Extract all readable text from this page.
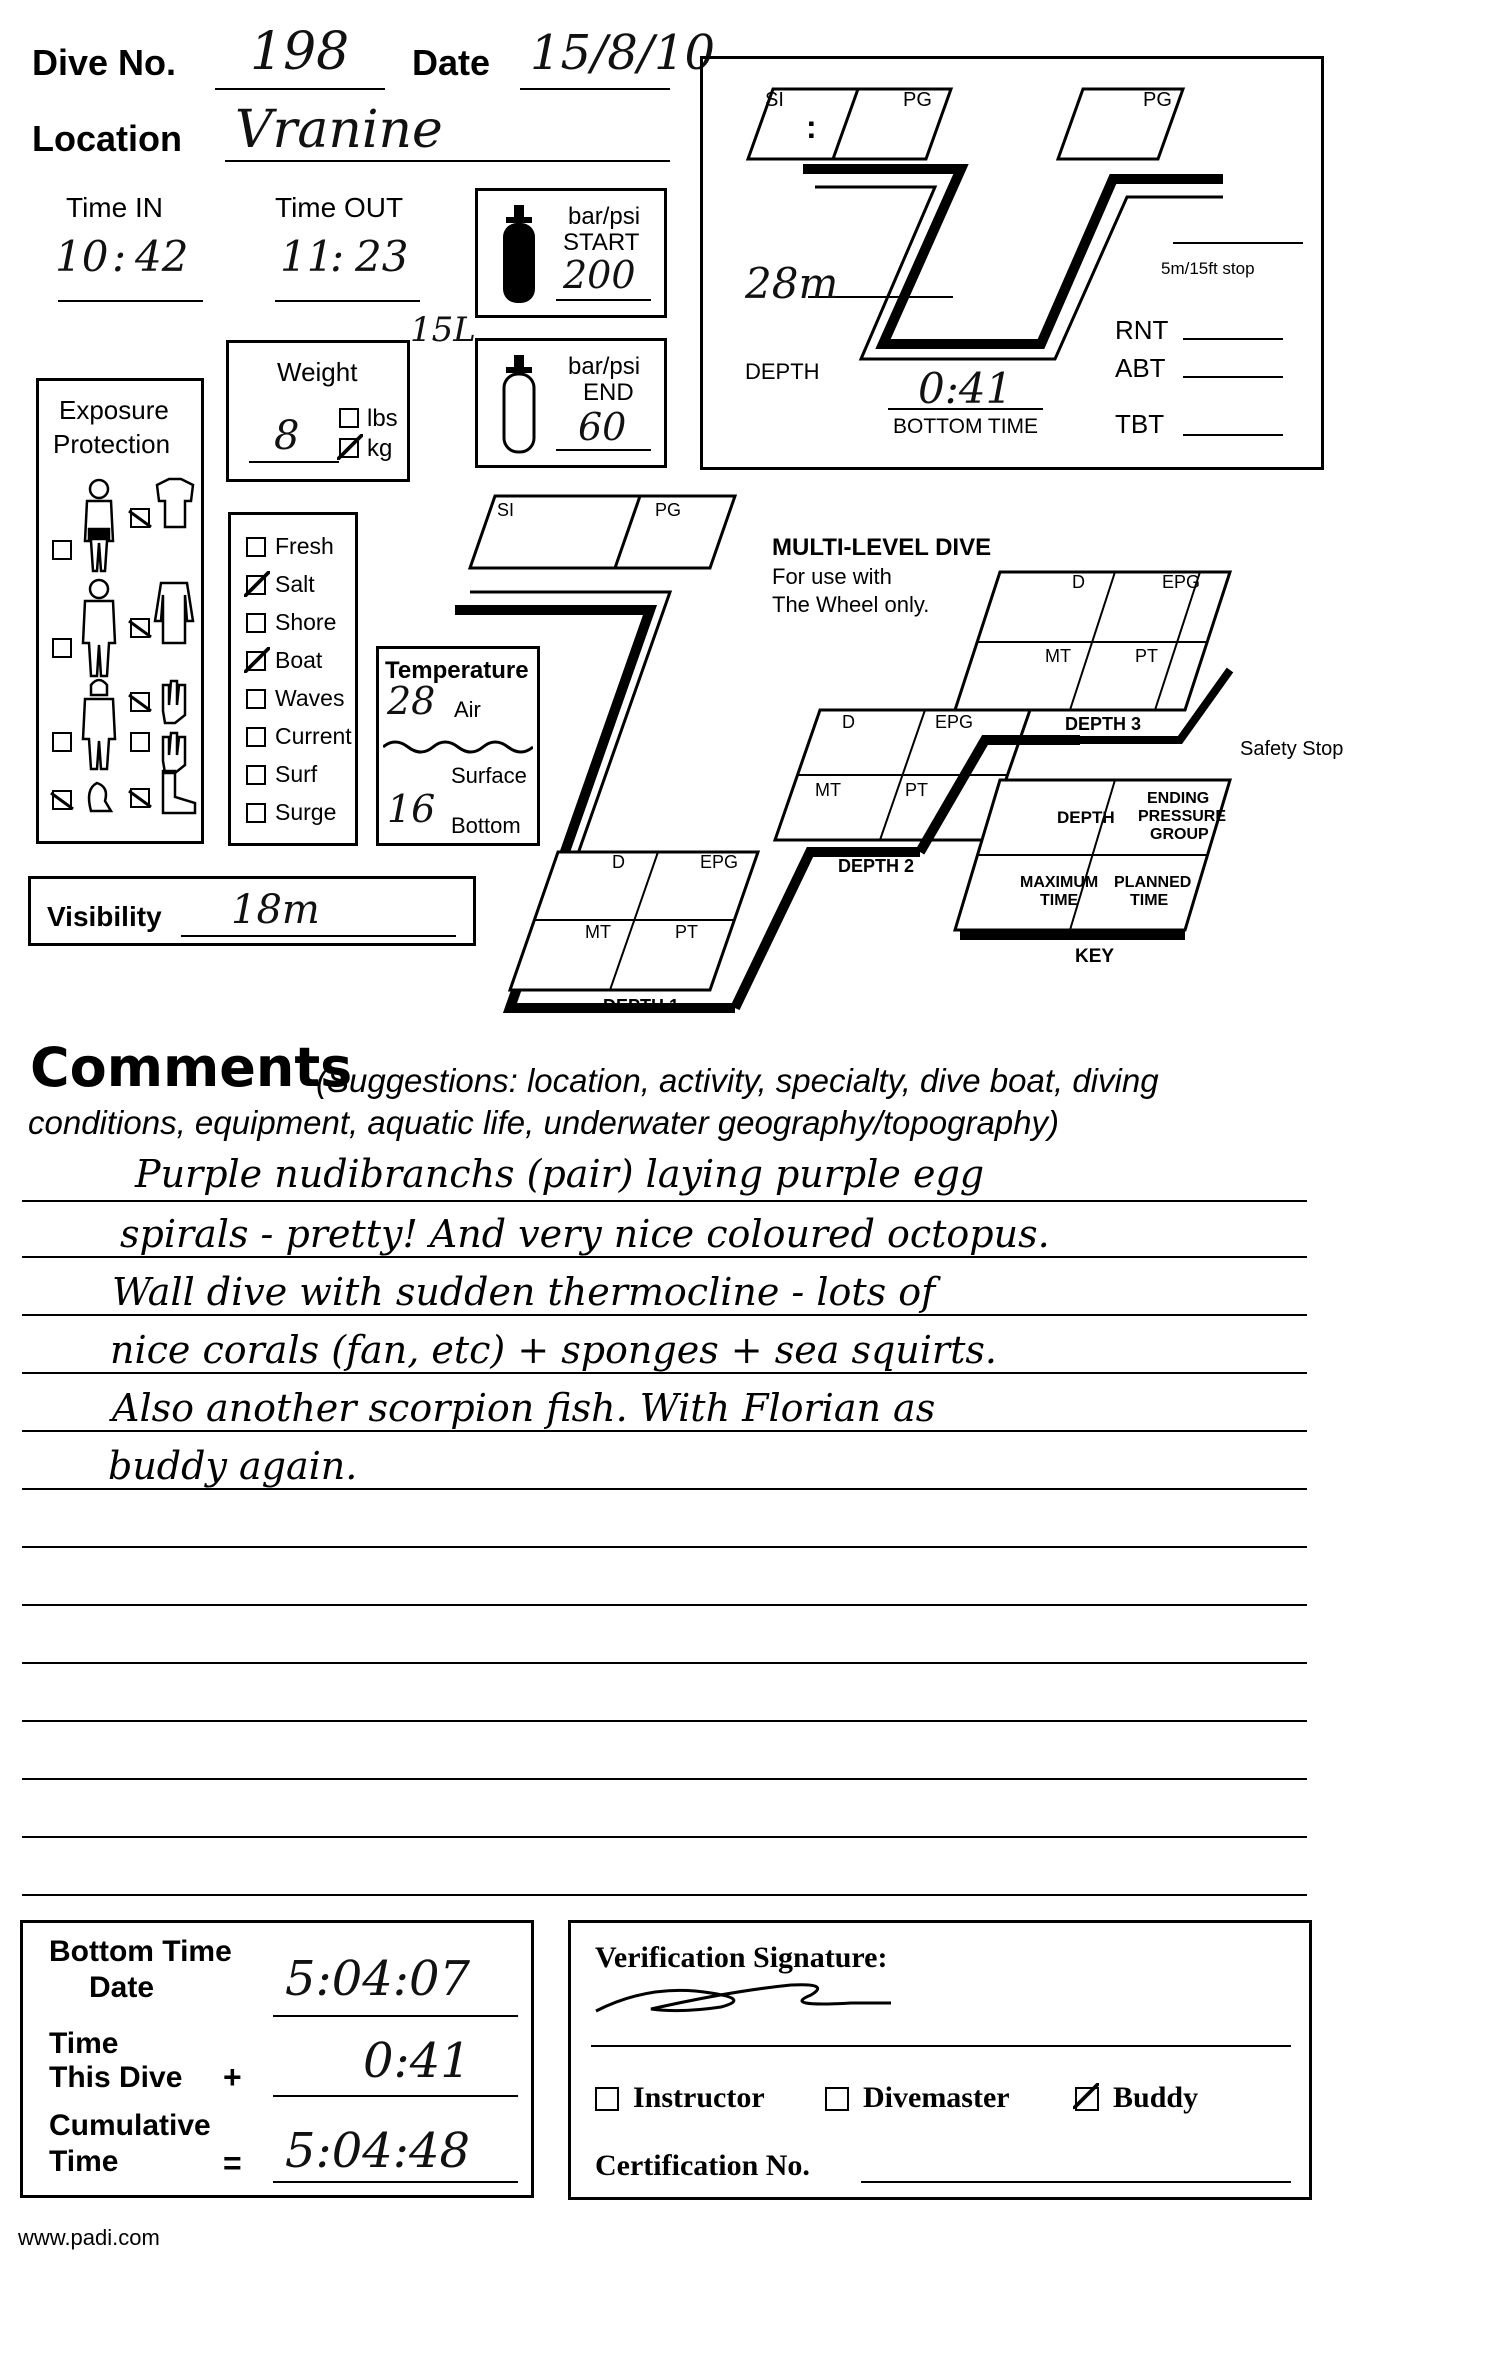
Dive No. 198 Date 15/8/10
Location Vranine
Time IN
10 : 42
Time OUT
11
: 23
bar/psi
START
200
15L
bar/psi
END
60
Weight
8	lbs
kg
Exposure
Protection
Fresh
Salt
Shore
Boat
Waves
Current
Surf
Surge
Temperature
28 Air
Surface
16 Bottom
Visibility 18m
SI
:
PG	PG
28m
DEPTH 0:41
BOTTOM TIME
5m/15ft stop
RNT
ABT
TBT
SI	PG
MULTI-LEVEL DIVE
For use with
The Wheel only.
D	EPG
MT	PT
DEPTH 1
D	EPG
MT	PT
DEPTH 2
D	EPG
MT	PT
DEPTH 3
Safety Stop
DEPTH
ENDING
PRESSURE
GROUP
MAXIMUM
TIME
PLANNED
TIME
KEY
Comments
(Suggestions: location, activity, specialty, dive boat, diving
conditions, equipment, aquatic life, underwater geography/topography)
Purple nudibranchs (pair) laying purple egg
spirals - pretty! And very nice coloured octopus.
Wall dive with sudden thermocline - lots of
nice corals (fan, etc) + sponges + sea squirts.
Also another scorpion fish. With Florian as
buddy again.
Bottom Time
Date	5:04:07
Time
This Dive +	0:41
Cumulative
Time	= 5:04:48
Verification Signature:
Instructor	Divemaster	Buddy
Certification No.
www.padi.com
